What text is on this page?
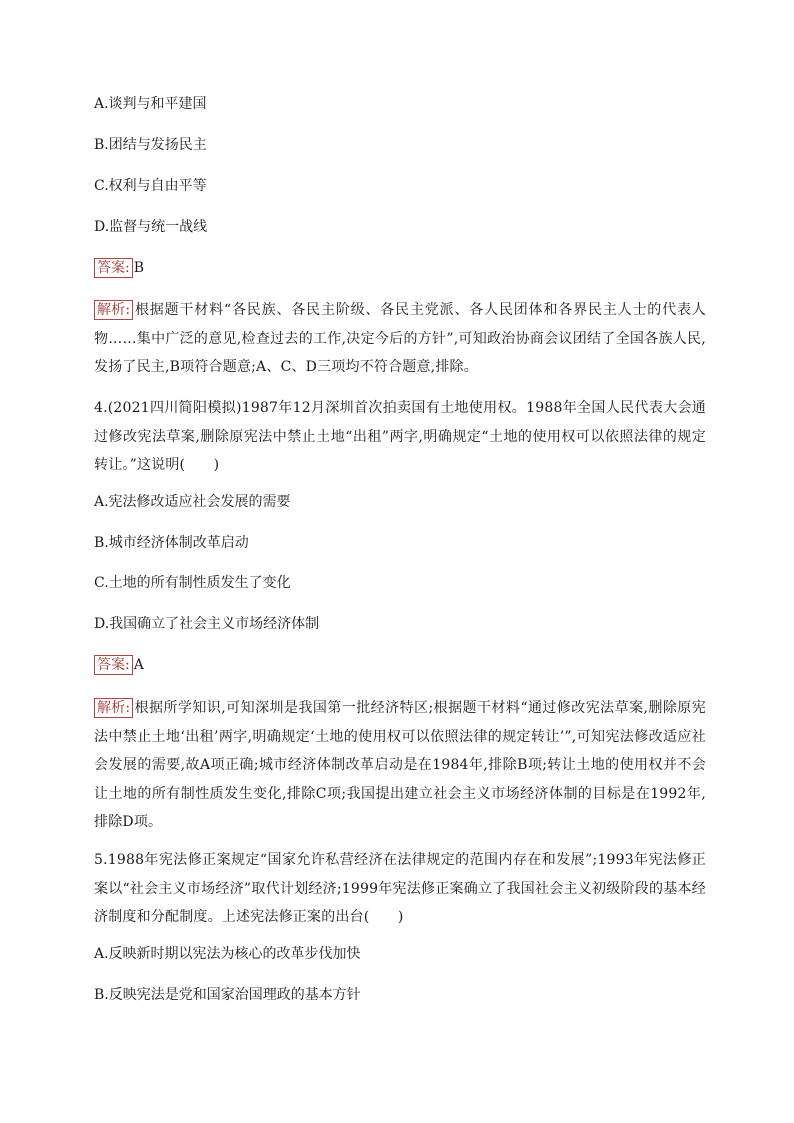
A.谈判与和平建国
B.团结与发扬民主
C.权利与自由平等
D.监督与统一战线
答案: B
解析: 根据题干材料“各民族、各民主阶级、各民主党派、各人民团体和各界民主人士的代表人物……集中广泛的意见,检查过去的工作,决定今后的方针”,可知政治协商会议团结了全国各族人民,发扬了民主,B项符合题意;A、C、D三项均不符合题意,排除。
4.(2021四川简阳模拟)1987年12月深圳首次拍卖国有土地使用权。1988年全国人民代表大会通过修改宪法草案,删除原宪法中禁止土地“出租”两字,明确规定“土地的使用权可以依照法律的规定转让。”这说明(　　)
A.宪法修改适应社会发展的需要
B.城市经济体制改革启动
C.土地的所有制性质发生了变化
D.我国确立了社会主义市场经济体制
答案: A
解析: 根据所学知识,可知深圳是我国第一批经济特区;根据题干材料“通过修改宪法草案,删除原宪法中禁止土地‘出租’两字,明确规定‘土地的使用权可以依照法律的规定转让’”,可知宪法修改适应社会发展的需要,故A项正确;城市经济体制改革启动是在1984年,排除B项;转让土地的使用权并不会让土地的所有制性质发生变化,排除C项;我国提出建立社会主义市场经济体制的目标是在1992年,排除D项。
5.1988年宪法修正案规定“国家允许私营经济在法律规定的范围内存在和发展”;1993年宪法修正案以“社会主义市场经济”取代计划经济;1999年宪法修正案确立了我国社会主义初级阶段的基本经济制度和分配制度。上述宪法修正案的出台(　　)
A.反映新时期以宪法为核心的改革步伐加快
B.反映宪法是党和国家治国理政的基本方针
